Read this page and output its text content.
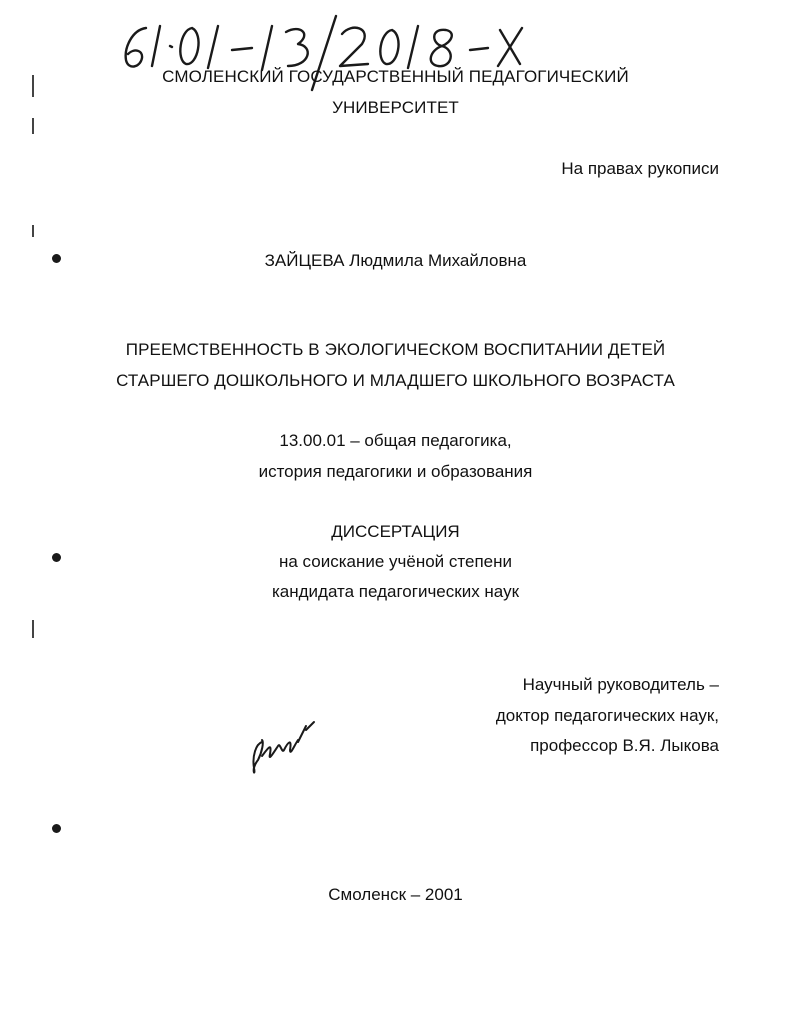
СМОЛЕНСКИЙ ГОСУДАРСТВЕННЫЙ ПЕДАГОГИЧЕСКИЙ
УНИВЕРСИТЕТ
На правах рукописи
ЗАЙЦЕВА Людмила Михайловна
ПРЕЕМСТВЕННОСТЬ В ЭКОЛОГИЧЕСКОМ ВОСПИТАНИИ ДЕТЕЙ
СТАРШЕГО ДОШКОЛЬНОГО И МЛАДШЕГО ШКОЛЬНОГО ВОЗРАСТА
13.00.01 – общая педагогика,
история педагогики и образования
ДИССЕРТАЦИЯ
на соискание учёной степени
кандидата педагогических наук
Научный руководитель –
доктор педагогических наук,
профессор В.Я. Лыкова
Смоленск – 2001
